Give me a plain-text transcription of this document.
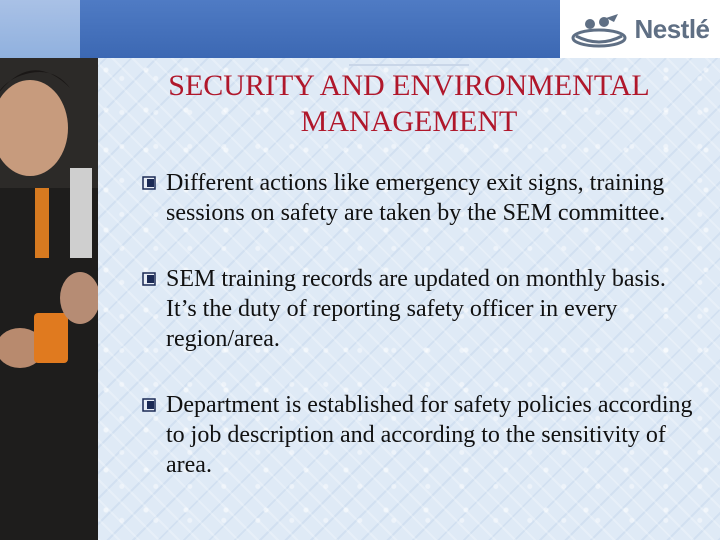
Nestlé
SECURITY AND ENVIRONMENTAL
MANAGEMENT
Different actions like emergency exit signs, training sessions on safety are taken by the SEM committee.
SEM training records are updated on monthly basis. It’s the duty of reporting safety officer in every region/area.
Department is established for safety policies according to job description and according to the sensitivity of area.
